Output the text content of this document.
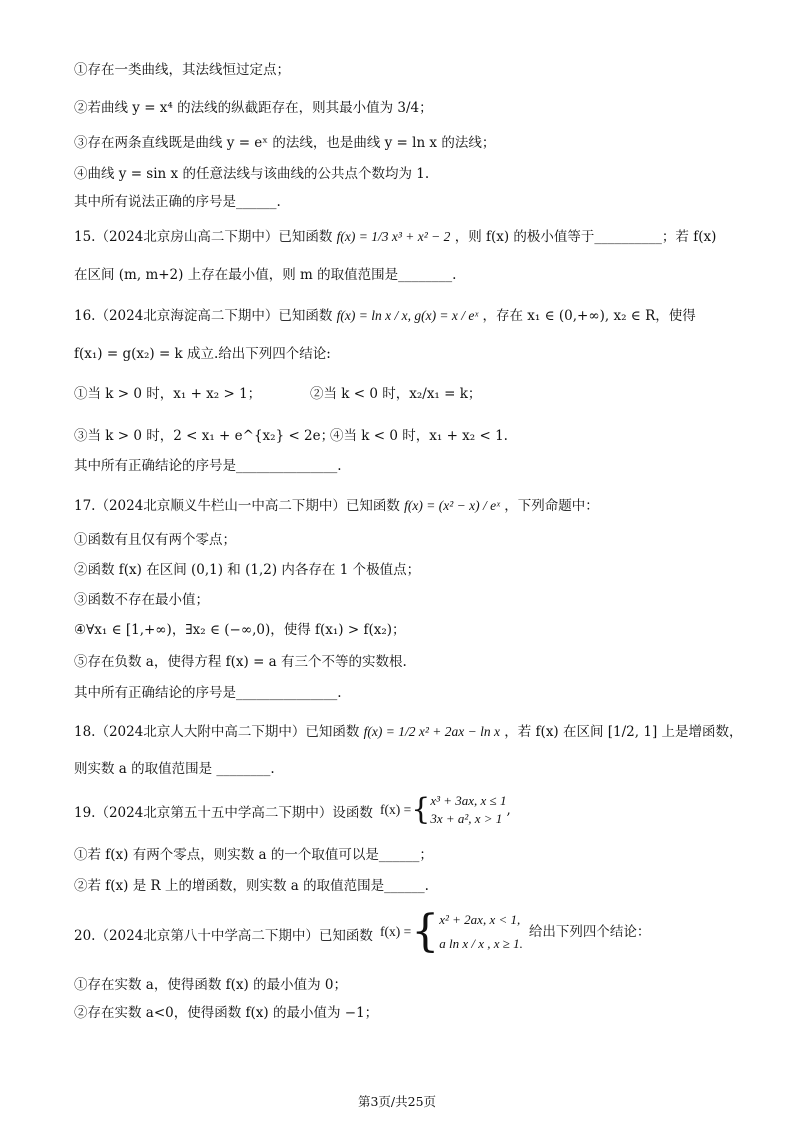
①存在一类曲线，其法线恒过定点；
②若曲线 y = x⁴ 的法线的纵截距存在，则其最小值为 3/4；
③存在两条直线既是曲线 y = eˣ 的法线，也是曲线 y = ln x 的法线；
④曲线 y = sin x 的任意法线与该曲线的公共点个数均为 1.
其中所有说法正确的序号是______.
15.（2024北京房山高二下期中）已知函数 f(x) = 1/3 x³ + x² − 2 ，则 f(x) 的极小值等于__________；若 f(x)
在区间 (m, m+2) 上存在最小值，则 m 的取值范围是________.
16.（2024北京海淀高二下期中）已知函数 f(x) = ln x / x, g(x) = x / eˣ ，存在 x₁ ∈ (0,+∞), x₂ ∈ R，使得
f(x₁) = g(x₂) = k 成立.给出下列四个结论:
①当 k > 0 时，x₁ + x₂ > 1；	②当 k < 0 时，x₂/x₁ = k；
③当 k > 0 时，2 < x₁ + e^{x₂} < 2e；
④当 k < 0 时，x₁ + x₂ < 1.
其中所有正确结论的序号是_______________.
17.（2024北京顺义牛栏山一中高二下期中）已知函数 f(x) = (x² − x) / eˣ ，下列命题中：
①函数有且仅有两个零点；
②函数 f(x) 在区间 (0,1) 和 (1,2) 内各存在 1 个极值点；
③函数不存在最小值；
④∀x₁ ∈ [1,+∞)，∃x₂ ∈ (−∞,0)，使得 f(x₁) > f(x₂)；
⑤存在负数 a，使得方程 f(x) = a 有三个不等的实数根.
其中所有正确结论的序号是_______________.
18.（2024北京人大附中高二下期中）已知函数 f(x) = 1/2 x² + 2ax − ln x ，若 f(x) 在区间 [1/2, 1] 上是增函数，
则实数 a 的取值范围是 ________.
19.（2024北京第五十五中学高二下期中）设函数 f(x) = { x³ + 3ax, x ≤ 1
3x + a², x > 1
,
①若 f(x) 有两个零点，则实数 a 的一个取值可以是______；
②若 f(x) 是 R 上的增函数，则实数 a 的取值范围是______.
20.（2024北京第八十中学高二下期中）已知函数 f(x) = { x² + 2ax, x < 1,
a ln x / x , x ≥ 1.
给出下列四个结论：
①存在实数 a，使得函数 f(x) 的最小值为 0；
②存在实数 a<0，使得函数 f(x) 的最小值为 −1；
第3页/共25页
